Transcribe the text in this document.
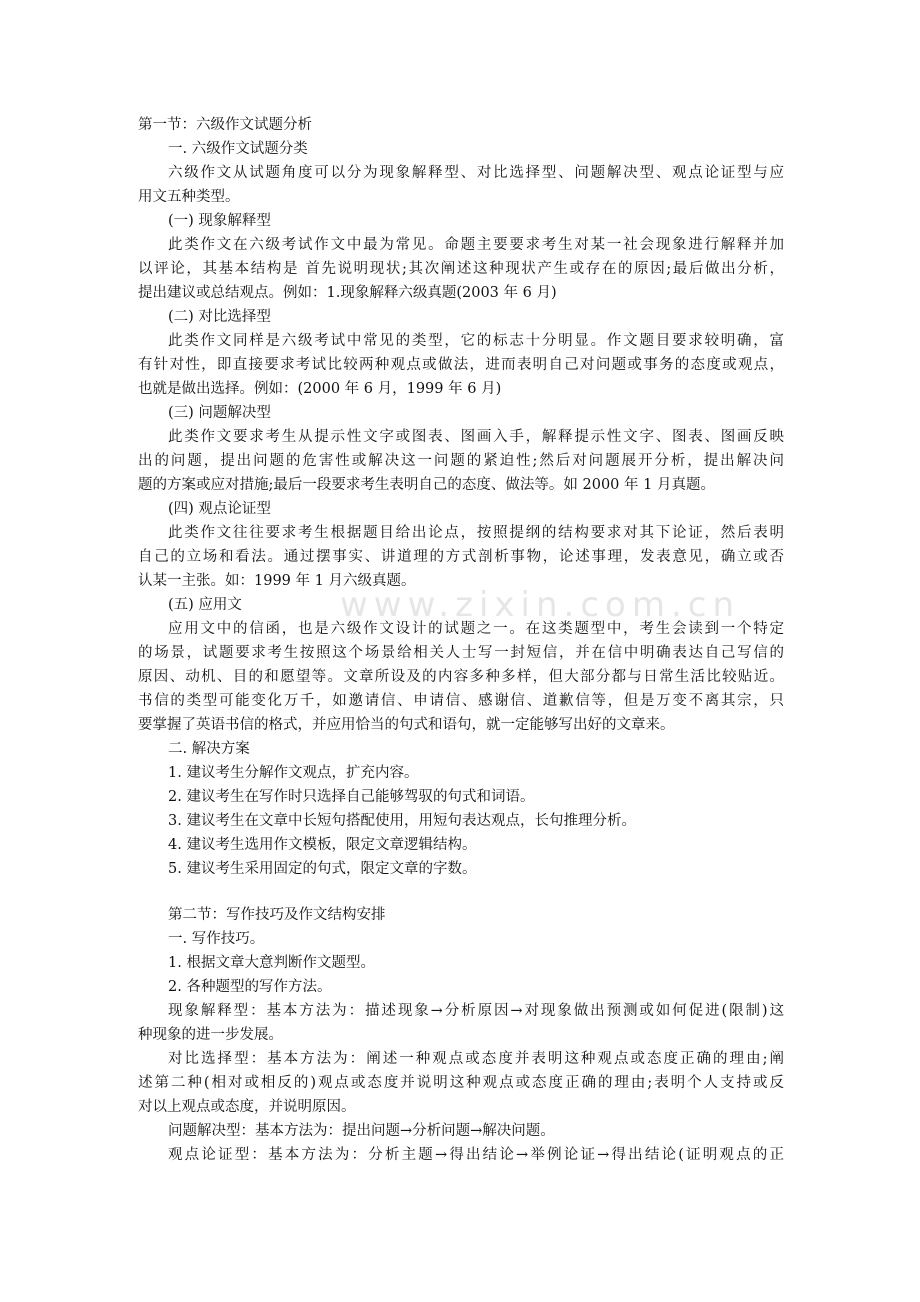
www.zixin.com.cn
第一节：六级作文试题分析
一. 六级作文试题分类
六级作文从试题角度可以分为现象解释型、对比选择型、问题解决型、观点论证型与应
用文五种类型。
(一) 现象解释型
此类作文在六级考试作文中最为常见。命题主要要求考生对某一社会现象进行解释并加
以评论，其基本结构是 首先说明现状;其次阐述这种现状产生或存在的原因;最后做出分析，
提出建议或总结观点。例如：1.现象解释六级真题(2003 年 6 月)
(二) 对比选择型
此类作文同样是六级考试中常见的类型，它的标志十分明显。作文题目要求较明确，富
有针对性，即直接要求考试比较两种观点或做法，进而表明自己对问题或事务的态度或观点，
也就是做出选择。例如：(2000 年 6 月，1999 年 6 月)
(三) 问题解决型
此类作文要求考生从提示性文字或图表、图画入手，解释提示性文字、图表、图画反映
出的问题，提出问题的危害性或解决这一问题的紧迫性;然后对问题展开分析，提出解决问
题的方案或应对措施;最后一段要求考生表明自己的态度、做法等。如 2000 年 1 月真题。
(四) 观点论证型
此类作文往往要求考生根据题目给出论点，按照提纲的结构要求对其下论证，然后表明
自己的立场和看法。通过摆事实、讲道理的方式剖析事物，论述事理，发表意见，确立或否
认某一主张。如：1999 年 1 月六级真题。
(五) 应用文
应用文中的信函，也是六级作文设计的试题之一。在这类题型中，考生会读到一个特定
的场景，试题要求考生按照这个场景给相关人士写一封短信，并在信中明确表达自己写信的
原因、动机、目的和愿望等。文章所设及的内容多种多样，但大部分都与日常生活比较贴近。
书信的类型可能变化万千，如邀请信、申请信、感谢信、道歉信等，但是万变不离其宗，只
要掌握了英语书信的格式，并应用恰当的句式和语句，就一定能够写出好的文章来。
二. 解决方案
1. 建议考生分解作文观点，扩充内容。
2. 建议考生在写作时只选择自己能够驾驭的句式和词语。
3. 建议考生在文章中长短句搭配使用，用短句表达观点，长句推理分析。
4. 建议考生选用作文模板，限定文章逻辑结构。
5. 建议考生采用固定的句式，限定文章的字数。
第二节：写作技巧及作文结构安排
一. 写作技巧。
1. 根据文章大意判断作文题型。
2. 各种题型的写作方法。
现象解释型：基本方法为：描述现象→分析原因→对现象做出预测或如何促进(限制)这
种现象的进一步发展。
对比选择型：基本方法为：阐述一种观点或态度并表明这种观点或态度正确的理由;阐
述第二种(相对或相反的)观点或态度并说明这种观点或态度正确的理由;表明个人支持或反
对以上观点或态度，并说明原因。
问题解决型：基本方法为：提出问题→分析问题→解决问题。
观点论证型：基本方法为：分析主题→得出结论→举例论证→得出结论(证明观点的正
